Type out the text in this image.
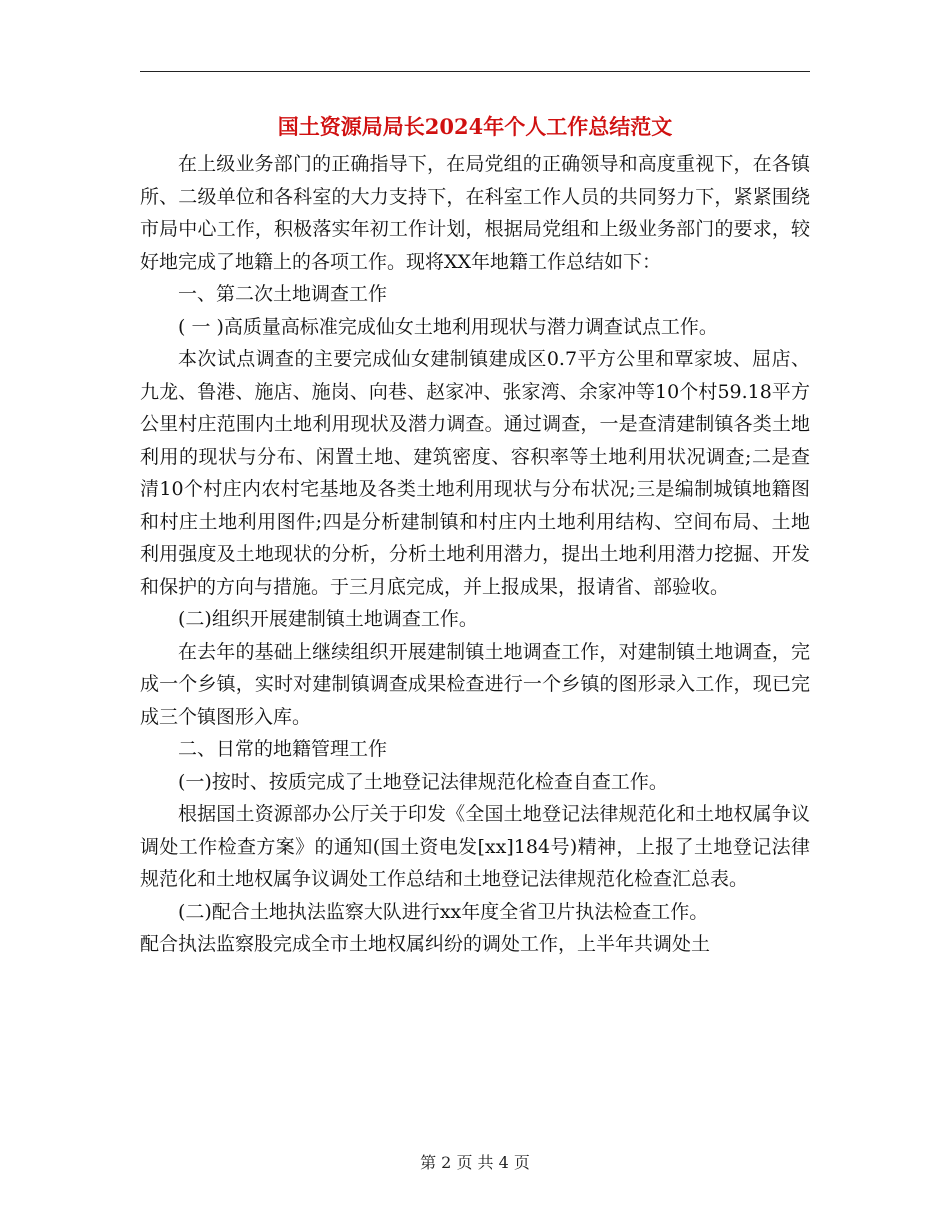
国土资源局局长2024年个人工作总结范文

在上级业务部门的正确指导下，在局党组的正确领导和高度重视下，在各镇所、二级单位和各科室的大力支持下，在科室工作人员的共同努力下，紧紧围绕市局中心工作，积极落实年初工作计划，根据局党组和上级业务部门的要求，较好地完成了地籍上的各项工作。现将XX年地籍工作总结如下：

一、第二次土地调查工作

( 一 )高质量高标准完成仙女土地利用现状与潜力调查试点工作。

本次试点调查的主要完成仙女建制镇建成区0.7平方公里和覃家坡、屈店、九龙、鲁港、施店、施岗、向巷、赵家冲、张家湾、余家冲等10个村59.18平方公里村庄范围内土地利用现状及潜力调查。通过调查，一是查清建制镇各类土地利用的现状与分布、闲置土地、建筑密度、容积率等土地利用状况调查;二是查清10个村庄内农村宅基地及各类土地利用现状与分布状况;三是编制城镇地籍图和村庄土地利用图件;四是分析建制镇和村庄内土地利用结构、空间布局、土地利用强度及土地现状的分析，分析土地利用潜力，提出土地利用潜力挖掘、开发和保护的方向与措施。于三月底完成，并上报成果，报请省、部验收。

(二)组织开展建制镇土地调查工作。

在去年的基础上继续组织开展建制镇土地调查工作，对建制镇土地调查，完成一个乡镇，实时对建制镇调查成果检查进行一个乡镇的图形录入工作，现已完成三个镇图形入库。

二、日常的地籍管理工作

(一)按时、按质完成了土地登记法律规范化检查自查工作。

根据国土资源部办公厅关于印发《全国土地登记法律规范化和土地权属争议调处工作检查方案》的通知(国土资电发[xx]184号)精神，上报了土地登记法律规范化和土地权属争议调处工作总结和土地登记法律规范化检查汇总表。

(二)配合土地执法监察大队进行xx年度全省卫片执法检查工作。

配合执法监察股完成全市土地权属纠纷的调处工作，上半年共调处土

第 2 页 共 4 页
